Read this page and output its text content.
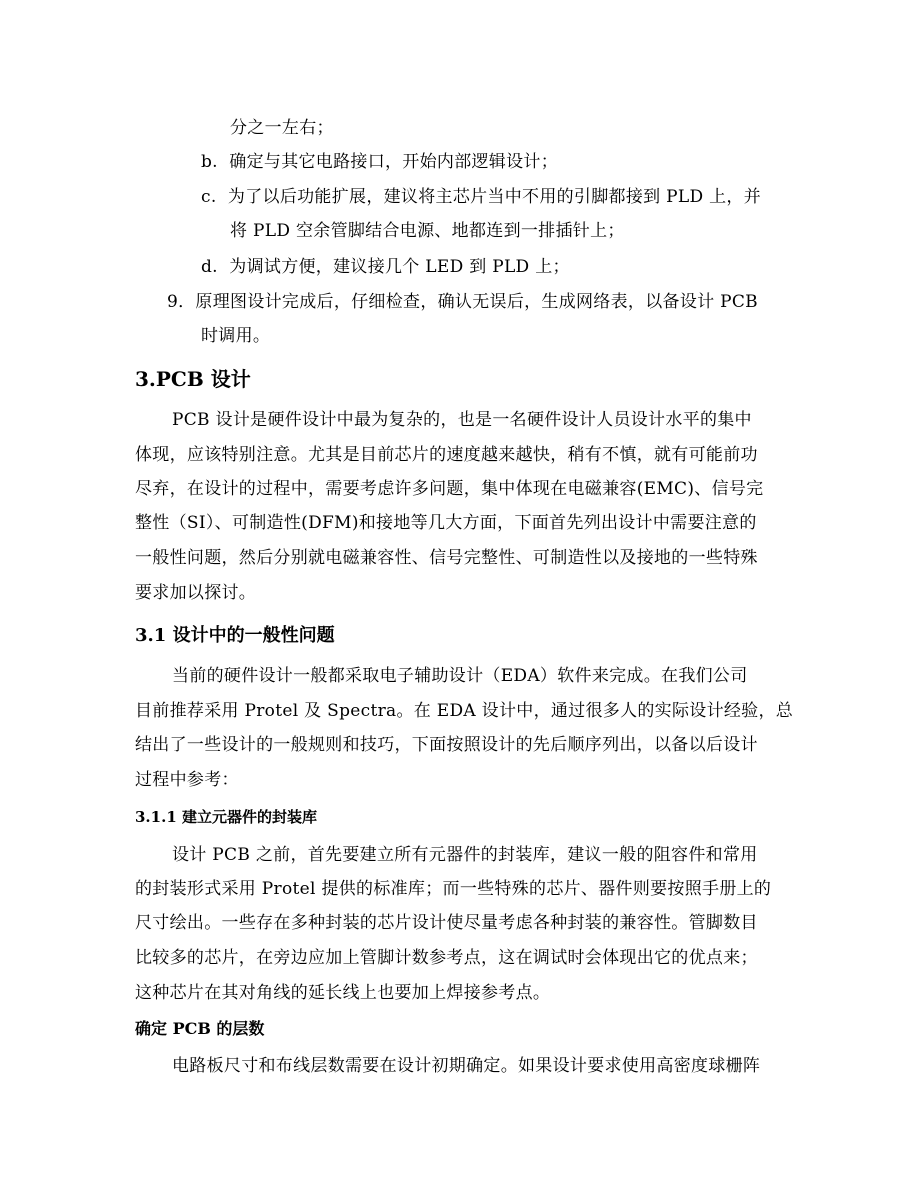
分之一左右；
b.  确定与其它电路接口，开始内部逻辑设计；
c.  为了以后功能扩展，建议将主芯片当中不用的引脚都接到 PLD 上，并
将 PLD 空余管脚结合电源、地都连到一排插针上；
d.  为调试方便，建议接几个 LED 到 PLD 上；
9．原理图设计完成后，仔细检查，确认无误后，生成网络表，以备设计 PCB
时调用。
3.PCB 设计
PCB 设计是硬件设计中最为复杂的，也是一名硬件设计人员设计水平的集中
体现，应该特别注意。尤其是目前芯片的速度越来越快，稍有不慎，就有可能前功
尽弃，在设计的过程中，需要考虑许多问题，集中体现在电磁兼容(EMC)、信号完
整性（SI）、可制造性(DFM)和接地等几大方面，下面首先列出设计中需要注意的
一般性问题，然后分别就电磁兼容性、信号完整性、可制造性以及接地的一些特殊
要求加以探讨。
3.1 设计中的一般性问题
当前的硬件设计一般都采取电子辅助设计（EDA）软件来完成。在我们公司
目前推荐采用 Protel 及 Spectra。在 EDA 设计中，通过很多人的实际设计经验，总
结出了一些设计的一般规则和技巧，下面按照设计的先后顺序列出，以备以后设计
过程中参考：
3.1.1 建立元器件的封装库
设计 PCB 之前，首先要建立所有元器件的封装库，建议一般的阻容件和常用
的封装形式采用 Protel 提供的标准库；而一些特殊的芯片、器件则要按照手册上的
尺寸绘出。一些存在多种封装的芯片设计使尽量考虑各种封装的兼容性。管脚数目
比较多的芯片，在旁边应加上管脚计数参考点，这在调试时会体现出它的优点来；
这种芯片在其对角线的延长线上也要加上焊接参考点。
确定 PCB 的层数
电路板尺寸和布线层数需要在设计初期确定。如果设计要求使用高密度球栅阵
